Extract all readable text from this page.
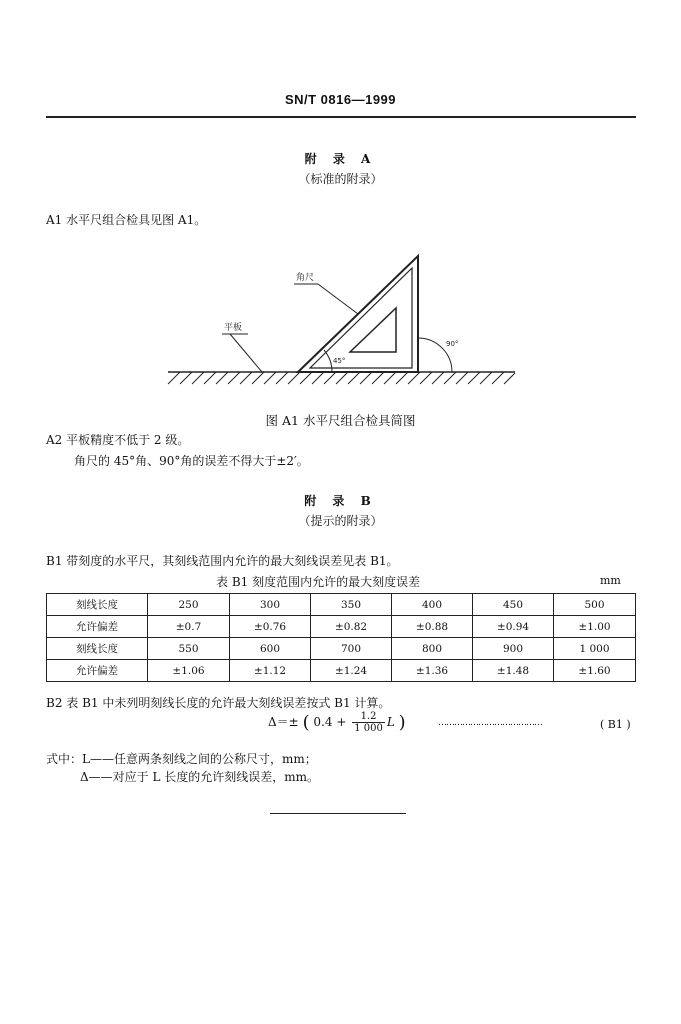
SN/T 0816—1999
附 录 A
（标准的附录）
A1 水平尺组合检具见图 A1。
45°
90°
角尺
平板
图 A1 水平尺组合检具简图
A2 平板精度不低于 2 级。
角尺的 45°角、90°角的误差不得大于±2′。
附 录 B
（提示的附录）
B1 带刻度的水平尺，其刻线范围内允许的最大刻线误差见表 B1。
表 B1 刻度范围内允许的最大刻度误差	mm
刻线长度	250	300	350	400	450	500
允许偏差	±0.7	±0.76	±0.82	±0.88	±0.94	±1.00
刻线长度	550	600	700	800	900	1 000
允许偏差	±1.06	±1.12	±1.24	±1.36	±1.48	±1.60
B2 表 B1 中未列明刻线长度的允许最大刻线误差按式 B1 计算。
Δ＝± ( $0.4 + \frac{1.2}{1 000}$ L )	…………………………………	( B1 )
式中：L——任意两条刻线之间的公称尺寸，mm；
Δ——对应于 L 长度的允许刻线误差，mm。
